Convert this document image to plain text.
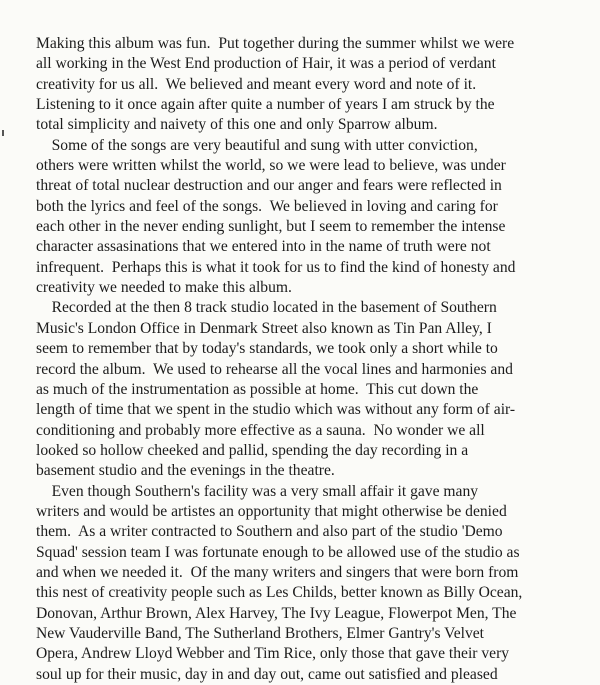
Making this album was fun.  Put together during the summer whilst we were
all working in the West End production of Hair, it was a period of verdant
creativity for us all.  We believed and meant every word and note of it.
Listening to it once again after quite a number of years I am struck by the
total simplicity and naivety of this one and only Sparrow album.
Some of the songs are very beautiful and sung with utter conviction,
others were written whilst the world, so we were lead to believe, was under
threat of total nuclear destruction and our anger and fears were reflected in
both the lyrics and feel of the songs.  We believed in loving and caring for
each other in the never ending sunlight, but I seem to remember the intense
character assasinations that we entered into in the name of truth were not
infrequent.  Perhaps this is what it took for us to find the kind of honesty and
creativity we needed to make this album.
Recorded at the then 8 track studio located in the basement of Southern
Music's London Office in Denmark Street also known as Tin Pan Alley, I
seem to remember that by today's standards, we took only a short while to
record the album.  We used to rehearse all the vocal lines and harmonies and
as much of the instrumentation as possible at home.  This cut down the
length of time that we spent in the studio which was without any form of air-
conditioning and probably more effective as a sauna.  No wonder we all
looked so hollow cheeked and pallid, spending the day recording in a
basement studio and the evenings in the theatre.
Even though Southern's facility was a very small affair it gave many
writers and would be artistes an opportunity that might otherwise be denied
them.  As a writer contracted to Southern and also part of the studio 'Demo
Squad' session team I was fortunate enough to be allowed use of the studio as
and when we needed it.  Of the many writers and singers that were born from
this nest of creativity people such as Les Childs, better known as Billy Ocean,
Donovan, Arthur Brown, Alex Harvey, The Ivy League, Flowerpot Men, The
New Vauderville Band, The Sutherland Brothers, Elmer Gantry's Velvet
Opera, Andrew Lloyd Webber and Tim Rice, only those that gave their very
soul up for their music, day in and day out, came out satisfied and pleased
